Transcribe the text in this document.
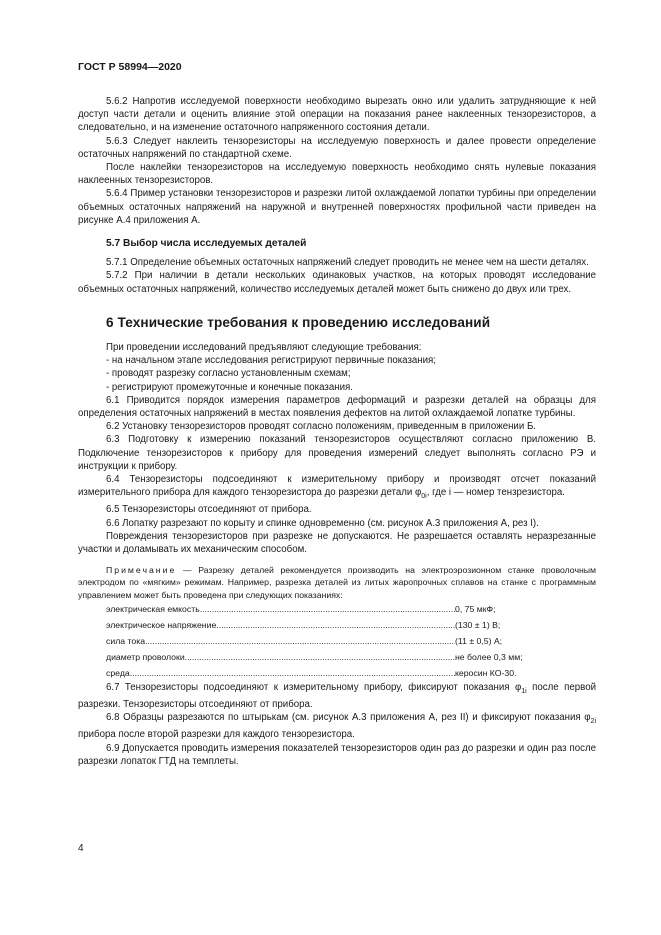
ГОСТ Р 58994—2020

5.6.2 Напротив исследуемой поверхности необходимо вырезать окно или удалить затрудняющие к ней доступ части детали и оценить влияние этой операции на показания ранее наклеенных тензорезисторов, а следовательно, и на изменение остаточного напряженного состояния детали.

5.6.3 Следует наклеить тензорезисторы на исследуемую поверхность и далее провести определение остаточных напряжений по стандартной схеме.

После наклейки тензорезисторов на исследуемую поверхность необходимо снять нулевые показания наклеенных тензорезисторов.

5.6.4 Пример установки тензорезисторов и разрезки литой охлаждаемой лопатки турбины при определении объемных остаточных напряжений на наружной и внутренней поверхностях профильной части приведен на рисунке А.4 приложения А.

5.7 Выбор числа исследуемых деталей

5.7.1 Определение объемных остаточных напряжений следует проводить не менее чем на шести деталях.

5.7.2 При наличии в детали нескольких одинаковых участков, на которых проводят исследование объемных остаточных напряжений, количество исследуемых деталей может быть снижено до двух или трех.

6 Технические требования к проведению исследований

При проведении исследований предъявляют следующие требования:

- на начальном этапе исследования регистрируют первичные показания;

- проводят разрезку согласно установленным схемам;

- регистрируют промежуточные и конечные показания.

6.1 Приводится порядок измерения параметров деформаций и разрезки деталей на образцы для определения остаточных напряжений в местах появления дефектов на литой охлаждаемой лопатке турбины.

6.2 Установку тензорезисторов проводят согласно положениям, приведенным в приложении Б.

6.3 Подготовку к измерению показаний тензорезисторов осуществляют согласно приложению В. Подключение тензорезисторов к прибору для проведения измерений следует выполнять согласно РЭ и инструкции к прибору.

6.4 Тензорезисторы подсоединяют к измерительному прибору и производят отсчет показаний измерительного прибора для каждого тензорезистора до разрезки детали $\varphi_{0i}$, где i — номер тензрезистора.

6.5 Тензорезисторы отсоединяют от прибора.

6.6 Лопатку разрезают по корыту и спинке одновременно (см. рисунок А.3 приложения А, рез I).

Повреждения тензорезисторов при разрезке не допускаются. Не разрешается оставлять неразрезанные участки и доламывать их механическим способом.

Примечание — Разрезку деталей рекомендуется производить на электроэрозионном станке проволочным электродом по «мягким» режимам. Например, разрезка деталей из литых жаропрочных сплавов на станке с программным управлением может быть проведена при следующих показаниях:

электрическая емкость .....	0, 75 мкФ;
электрическое напряжение .....	(130 ± 1) В;
сила тока .....	(11 ± 0,5) А;
диаметр проволоки .....	не более 0,3 мм;
среда .....	керосин КО-30.

6.7 Тензорезисторы подсоединяют к измерительному прибору, фиксируют показания $\varphi_{1i}$ после первой разрезки. Тензорезисторы отсоединяют от прибора.

6.8 Образцы разрезаются по штырькам (см. рисунок А.3 приложения А, рез II) и фиксируют показания $\varphi_{2i}$ прибора после второй разрезки для каждого тензорезистора.

6.9 Допускается проводить измерения показателей тензорезисторов один раз до разрезки и один раз после разрезки лопаток ГТД на темплеты.

4
